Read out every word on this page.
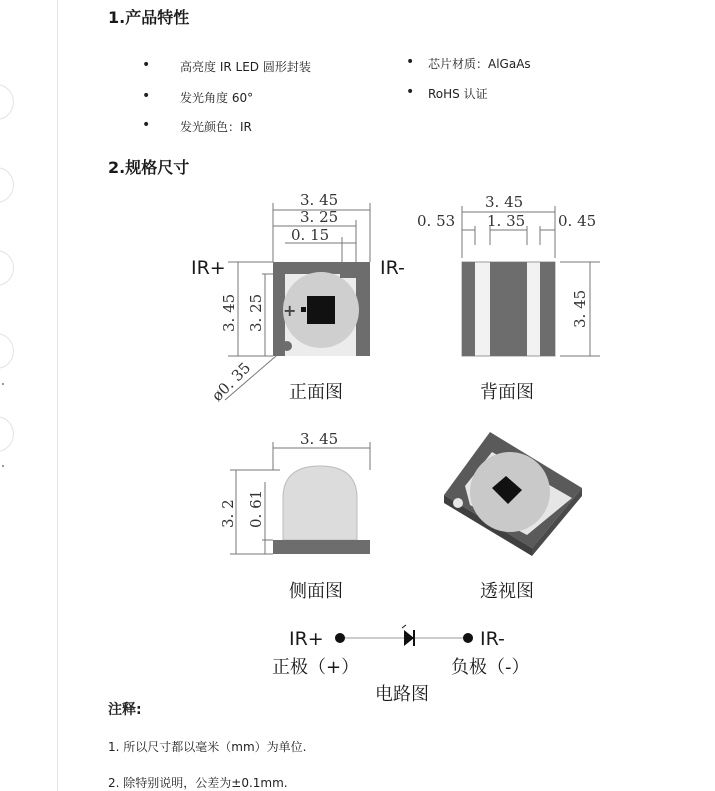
1.产品特性
• 高亮度 IR LED 圆形封装
• 发光角度 60°
• 发光颜色：IR
• 芯片材质：AlGaAs
• RoHS 认证
2.规格尺寸
+
3. 45
3. 25
0. 15
3. 45 3. 25
ø0. 35
3. 45
0. 53 1. 35 0. 45
3. 45
3. 45
3. 2 0. 61
IR+	IR-
正面图	背面图
侧面图	透视图
IR+	IR-
正极（+）	负极（-）
电路图
注释:
1. 所以尺寸都以毫米（mm）为单位.
2. 除特别说明，公差为±0.1mm.
